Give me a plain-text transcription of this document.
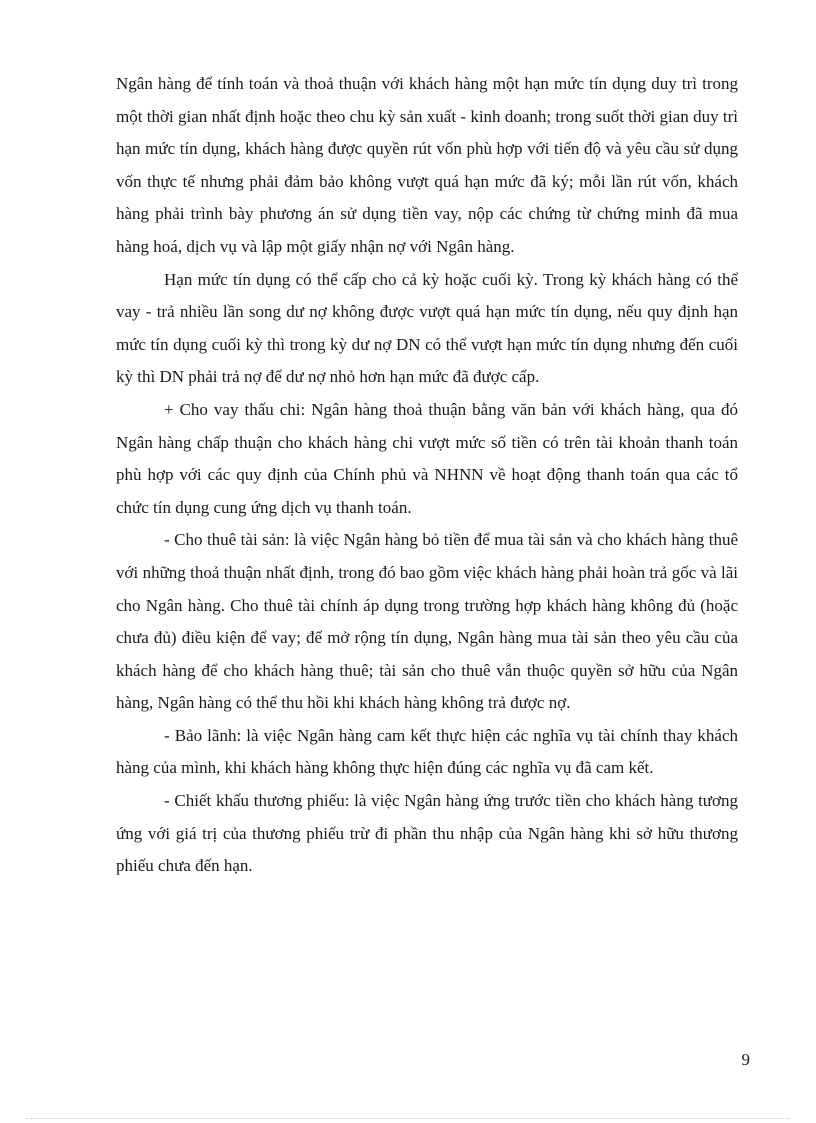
Ngân hàng để tính toán và thoả thuận với khách hàng một hạn mức tín dụng duy trì trong một thời gian nhất định hoặc theo chu kỳ sản xuất - kinh doanh; trong suốt thời gian duy trì hạn mức tín dụng, khách hàng được quyền rút vốn phù hợp với tiến độ và yêu cầu sử dụng vốn thực tế nhưng phải đảm bảo không vượt quá hạn mức đã ký; mỗi lần rút vốn, khách hàng phải trình bày phương án sử dụng tiền vay, nộp các chứng từ chứng minh đã mua hàng hoá, dịch vụ và lập một giấy nhận nợ với Ngân hàng.

Hạn mức tín dụng có thể cấp cho cả kỳ hoặc cuối kỳ. Trong kỳ khách hàng có thể vay - trả nhiều lần song dư nợ không được vượt quá hạn mức tín dụng, nếu quy định hạn mức tín dụng cuối kỳ thì trong kỳ dư nợ DN có thể vượt hạn mức tín dụng nhưng đến cuối kỳ thì DN phải trả nợ để dư nợ nhỏ hơn hạn mức đã được cấp.

+ Cho vay thấu chi: Ngân hàng thoả thuận bằng văn bản với khách hàng, qua đó Ngân hàng chấp thuận cho khách hàng chi vượt mức số tiền có trên tài khoản thanh toán phù hợp với các quy định của Chính phủ và NHNN về hoạt động thanh toán qua các tổ chức tín dụng cung ứng dịch vụ thanh toán.

- Cho thuê tài sản: là việc Ngân hàng bỏ tiền để mua tài sản và cho khách hàng thuê với những thoả thuận nhất định, trong đó bao gồm việc khách hàng phải hoàn trả gốc và lãi cho Ngân hàng. Cho thuê tài chính áp dụng trong trường hợp khách hàng không đủ (hoặc chưa đủ) điều kiện để vay; để mở rộng tín dụng, Ngân hàng mua tài sản theo yêu cầu của khách hàng để cho khách hàng thuê; tài sản cho thuê vẫn thuộc quyền sở hữu của Ngân hàng, Ngân hàng có thể thu hồi khi khách hàng không trả được nợ.

- Bảo lãnh: là việc Ngân hàng cam kết thực hiện các nghĩa vụ tài chính thay khách hàng của mình, khi khách hàng không thực hiện đúng các nghĩa vụ đã cam kết.

- Chiết khấu thương phiếu: là việc Ngân hàng ứng trước tiền cho khách hàng tương ứng với giá trị của thương phiếu trừ đi phần thu nhập của Ngân hàng khi sở hữu thương phiếu chưa đến hạn.

9
